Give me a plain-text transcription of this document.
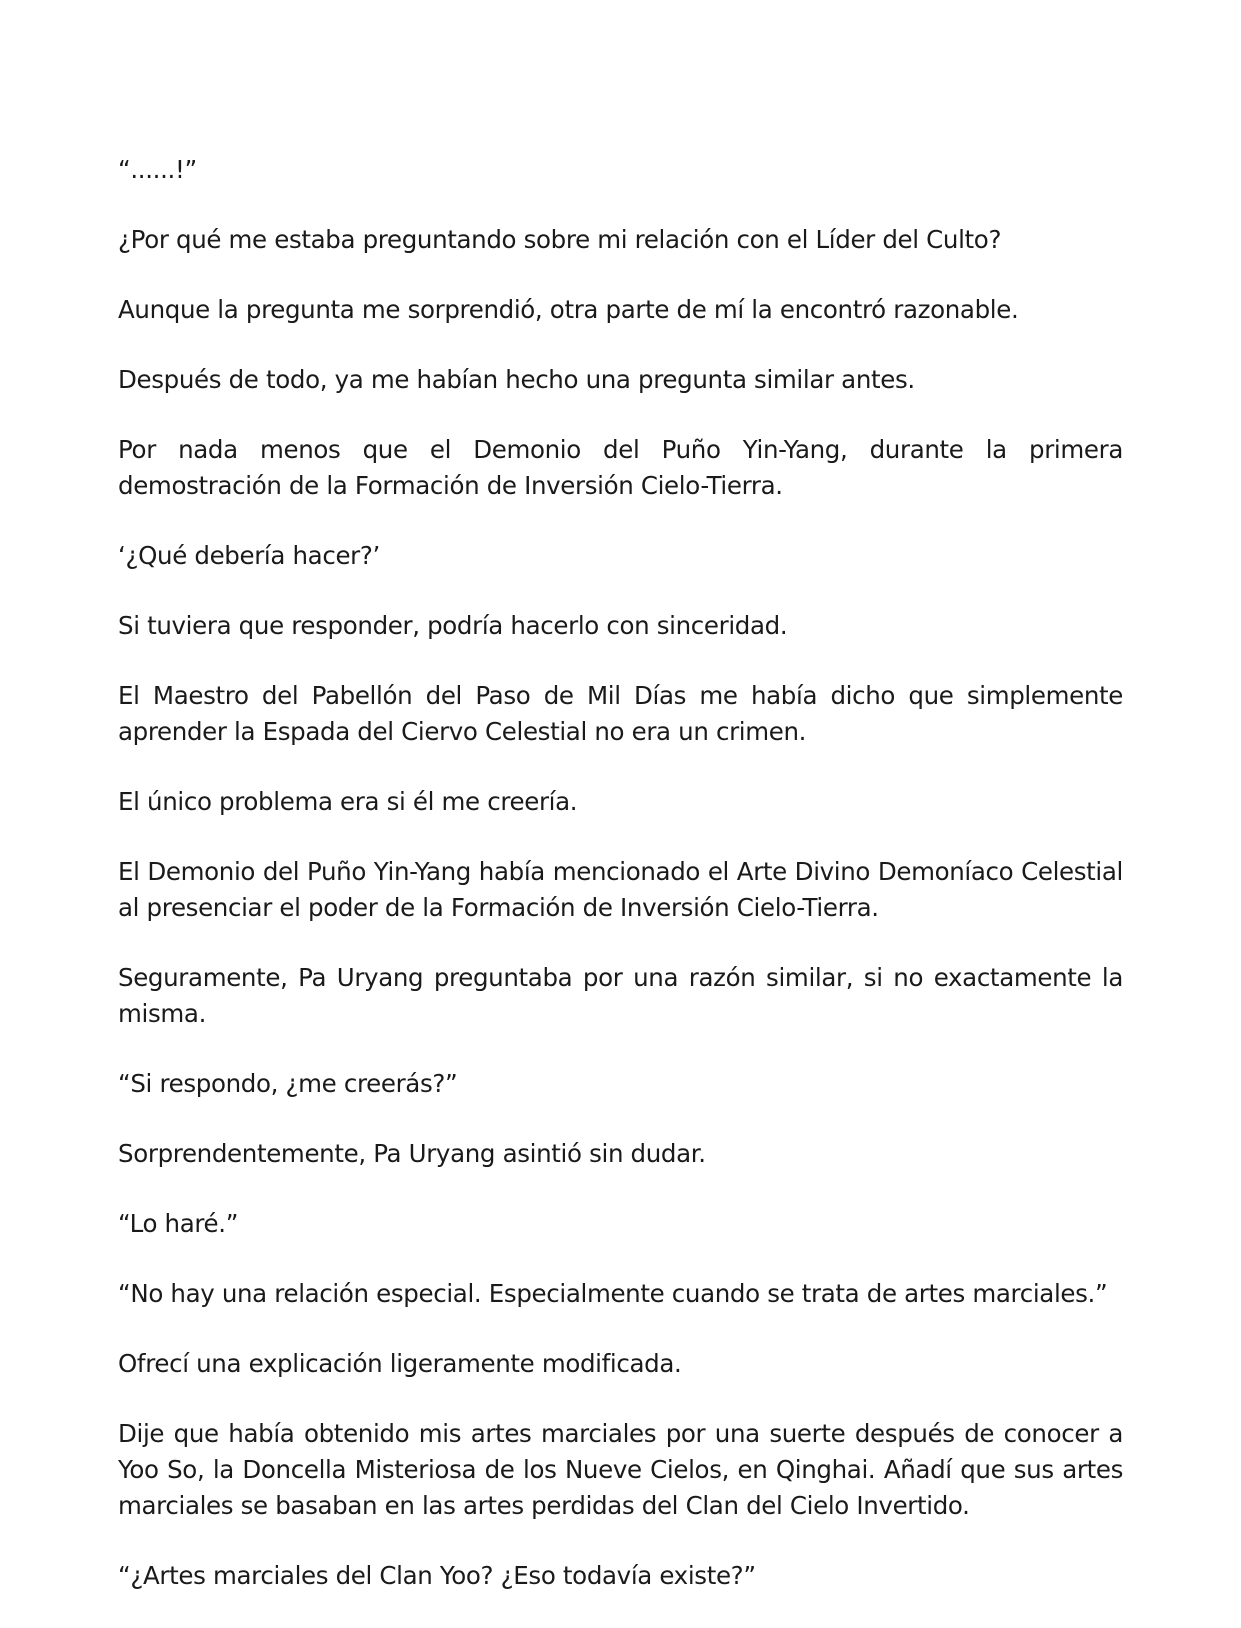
“......!”

¿Por qué me estaba preguntando sobre mi relación con el Líder del Culto?

Aunque la pregunta me sorprendió, otra parte de mí la encontró razonable.

Después de todo, ya me habían hecho una pregunta similar antes.

Por nada menos que el Demonio del Puño Yin-Yang, durante la primera demostración de la Formación de Inversión Cielo-Tierra.

‘¿Qué debería hacer?’

Si tuviera que responder, podría hacerlo con sinceridad.

El Maestro del Pabellón del Paso de Mil Días me había dicho que simplemente aprender la Espada del Ciervo Celestial no era un crimen.

El único problema era si él me creería.

El Demonio del Puño Yin-Yang había mencionado el Arte Divino Demoníaco Celestial al presenciar el poder de la Formación de Inversión Cielo-Tierra.

Seguramente, Pa Uryang preguntaba por una razón similar, si no exactamente la misma.

“Si respondo, ¿me creerás?”

Sorprendentemente, Pa Uryang asintió sin dudar.

“Lo haré.”

“No hay una relación especial. Especialmente cuando se trata de artes marciales.”

Ofrecí una explicación ligeramente modificada.

Dije que había obtenido mis artes marciales por una suerte después de conocer a Yoo So, la Doncella Misteriosa de los Nueve Cielos, en Qinghai. Añadí que sus artes marciales se basaban en las artes perdidas del Clan del Cielo Invertido.

“¿Artes marciales del Clan Yoo? ¿Eso todavía existe?”
